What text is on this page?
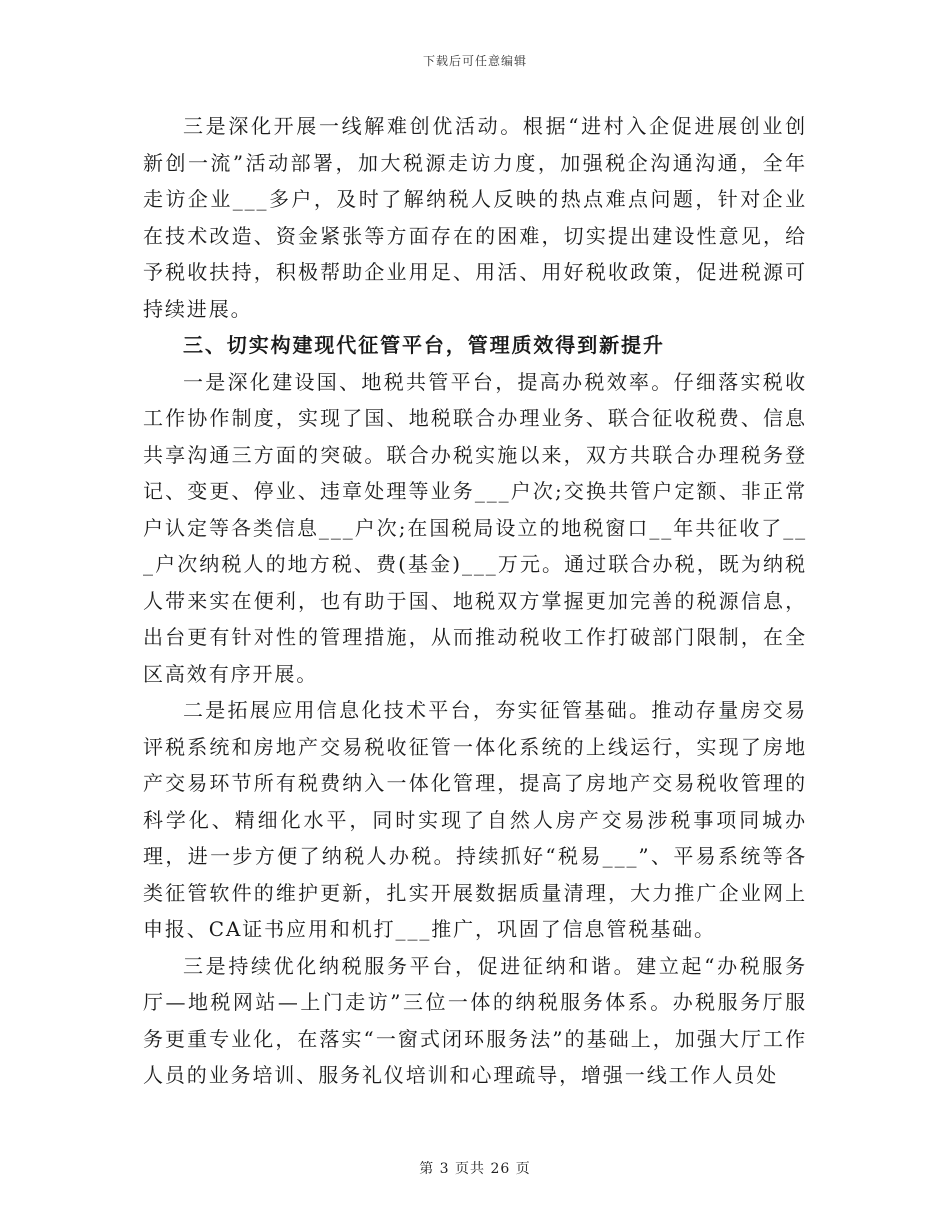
下载后可任意编辑

三是深化开展一线解难创优活动。根据“进村入企促进展创业创新创一流”活动部署，加大税源走访力度，加强税企沟通沟通，全年走访企业___多户，及时了解纳税人反映的热点难点问题，针对企业在技术改造、资金紧张等方面存在的困难，切实提出建设性意见，给予税收扶持，积极帮助企业用足、用活、用好税收政策，促进税源可持续进展。

三、切实构建现代征管平台，管理质效得到新提升

一是深化建设国、地税共管平台，提高办税效率。仔细落实税收工作协作制度，实现了国、地税联合办理业务、联合征收税费、信息共享沟通三方面的突破。联合办税实施以来，双方共联合办理税务登记、变更、停业、违章处理等业务___户次;交换共管户定额、非正常户认定等各类信息___户次;在国税局设立的地税窗口__年共征收了___户次纳税人的地方税、费(基金)___万元。通过联合办税，既为纳税人带来实在便利，也有助于国、地税双方掌握更加完善的税源信息，出台更有针对性的管理措施，从而推动税收工作打破部门限制，在全区高效有序开展。

二是拓展应用信息化技术平台，夯实征管基础。推动存量房交易评税系统和房地产交易税收征管一体化系统的上线运行，实现了房地产交易环节所有税费纳入一体化管理，提高了房地产交易税收管理的科学化、精细化水平，同时实现了自然人房产交易涉税事项同城办理，进一步方便了纳税人办税。持续抓好“税易___”、平易系统等各类征管软件的维护更新，扎实开展数据质量清理，大力推广企业网上申报、CA证书应用和机打___推广，巩固了信息管税基础。

三是持续优化纳税服务平台，促进征纳和谐。建立起“办税服务厅—地税网站—上门走访”三位一体的纳税服务体系。办税服务厅服务更重专业化，在落实“一窗式闭环服务法”的基础上，加强大厅工作人员的业务培训、服务礼仪培训和心理疏导，增强一线工作人员处

第 3 页共 26 页
